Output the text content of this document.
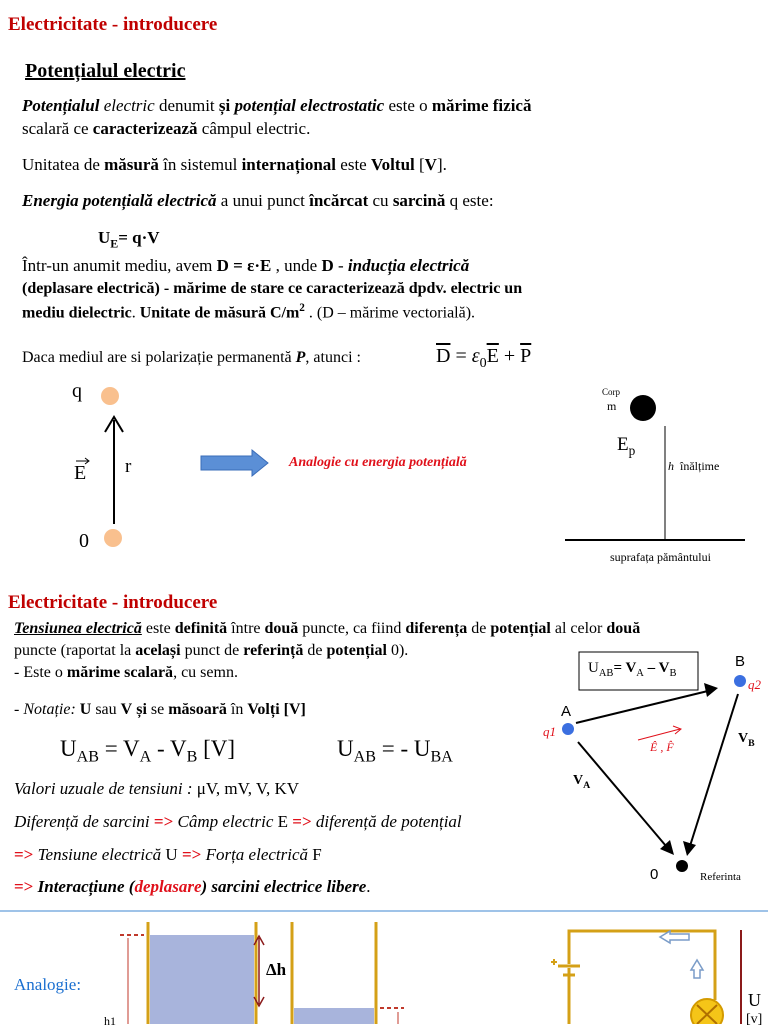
Electricitate - introducere
Potențialul electric
Potențialul electric denumit și potențial electrostatic este o mărime fizică
scalară ce caracterizează câmpul electric.
Unitatea de măsură în sistemul internațional este Voltul [V].
Energia potențială electrică a unui punct încărcat cu sarcină q este:
$U_E= q\cdot V$
Într-un anumit mediu, avem D = ε·E , unde D - inducția electrică
(deplasare electrică) - mărime de stare ce caracterizează dpdv. electric un
mediu dielectric. Unitate de măsură $C/m^2$ . (D – mărime vectorială).
Daca mediul are si polarizație permanentă P, atunci :	$\overline{D} = \varepsilon_0\overline{E} + \overline{P}$
q
0
E r	Analogie cu energia potențială
Corp
m
$E_p$
h înălțime
suprafața pământului
Electricitate - introducere
Tensiunea electrică este definită între două puncte, ca fiind diferența de potențial al celor două
puncte (raportat la același punct de referință de potențial 0).
- Este o mărime scalară, cu semn.
- Notație: U sau V și se măsoară în Volți [V]
$U_{AB} = V_A - V_B$ [V]	$U_{AB}$ = - $U_{BA}$
Valori uzuale de tensiuni : μV, mV, V, KV
Diferență de sarcini => Câmp electric E => diferență de potențial
=> Tensiune electrică U => Forța electrică F
=> Interacțiune (deplasare) sarcini electrice libere.
$U_{AB}= V_A - V_B$
A
B
q1
q2
Ê , F̂
$V_B$
$V_A$
0	Referinta
Analogie:
Δh
U
[v]
h1
